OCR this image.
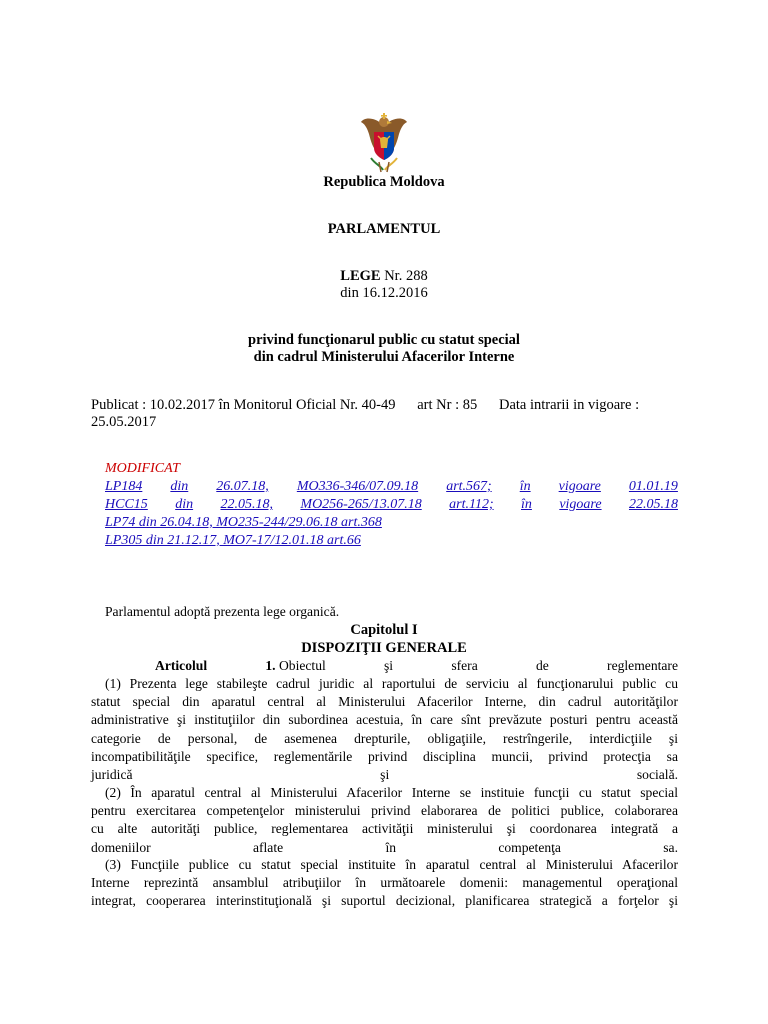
Republica Moldova
PARLAMENTUL
LEGE Nr. 288
din 16.12.2016
privind funcţionarul public cu statut special
din cadrul Ministerului Afacerilor Interne
Publicat : 10.02.2017 în Monitorul Oficial Nr. 40-49 art Nr : 85 Data intrarii in vigoare :
25.05.2017
MODIFICAT
LP184 din 26.07.18, MO336-346/07.09.18 art.567; în vigoare 01.01.19
HCC15 din 22.05.18, MO256-265/13.07.18 art.112; în vigoare 22.05.18
LP74 din 26.04.18, MO235-244/29.06.18 art.368
LP305 din 21.12.17, MO7-17/12.01.18 art.66
Parlamentul adoptă prezenta lege organică.
Capitolul I
DISPOZIŢII GENERALE
Articolul	1. Obiectul	şi	sfera	de	reglementare
(1) Prezenta lege stabileşte cadrul juridic al raportului de serviciu al funcţionarului public cu
statut special din aparatul central al Ministerului Afacerilor Interne, din cadrul autorităţilor
administrative şi instituţiilor din subordinea acestuia, în care sînt prevăzute posturi pentru această
categorie de personal, de asemenea drepturile, obligaţiile, restrîngerile, interdicţiile şi
incompatibilităţile specifice, reglementările privind disciplina muncii, privind protecţia sa
juridică	şi	socială.
(2) În aparatul central al Ministerului Afacerilor Interne se instituie funcţii cu statut special
pentru exercitarea competenţelor ministerului privind elaborarea de politici publice, colaborarea
cu alte autorităţi publice, reglementarea activităţii ministerului şi coordonarea integrată a
domeniilor	aflate	în	competenţa	sa.
(3) Funcţiile publice cu statut special instituite în aparatul central al Ministerului Afacerilor
Interne reprezintă ansamblul atribuţiilor în următoarele domenii: managementul operaţional
integrat, cooperarea interinstituţională şi suportul decizional, planificarea strategică a forţelor şi
